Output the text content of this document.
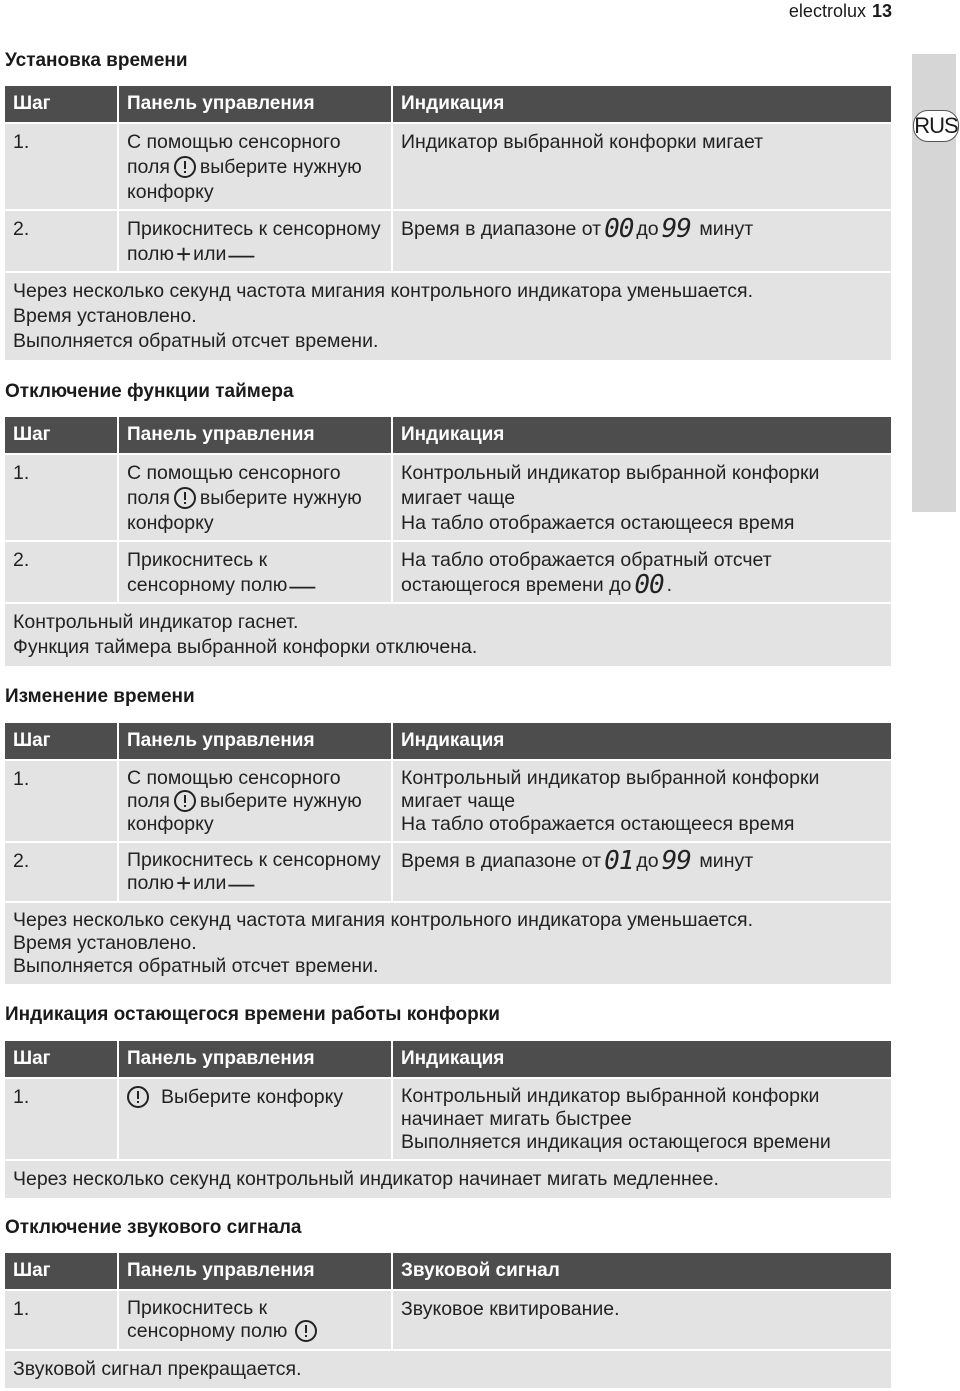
electrolux 13
RUS
Установка времени
Шаг	Панель управления	Индикация
1.	С помощью сенсорного
поля выберите нужную
конфорку	Индикатор выбранной конфорки мигает
2.	Прикоснитесь к сенсорному
полю+ или—	Время в диапазоне от 00 до 99 минут

Через несколько секунд частота мигания контрольного индикатора уменьшается.
Время установлено.
Выполняется обратный отсчет времени.		
Отключение функции таймера
Шаг	Панель управления	Индикация
1.	С помощью сенсорного
поля выберите нужную
конфорку	Контрольный индикатор выбранной конфорки
мигает чаще
На табло отображается остающееся время

2.	Прикоснитесь к
сенсорному полю—	На табло отображается обратный отсчет
остающегося времени до 00 .

Контрольный индикатор гаснет.
Функция таймера выбранной конфорки отключена.		
Изменение времени
Шаг	Панель управления	Индикация
1.	С помощью сенсорного
поля выберите нужную
конфорку	Контрольный индикатор выбранной конфорки
мигает чаще
На табло отображается остающееся время

2.	Прикоснитесь к сенсорному
полю+ или—	Время в диапазоне от 01 до 99 минут

Через несколько секунд частота мигания контрольного индикатора уменьшается.
Время установлено.
Выполняется обратный отсчет времени.		
Индикация остающегося времени работы конфорки
Шаг	Панель управления	Индикация
1.	Выберите конфорку	Контрольный индикатор выбранной конфорки
начинает мигать быстрее
Выполняется индикация остающегося времени

Через несколько секунд контрольный индикатор начинает мигать медленнее.		
Отключение звукового сигнала
Шаг	Панель управления	Звуковой сигнал
1.	Прикоснитесь к
сенсорному полю	Звуковое квитирование.

Звуковой сигнал прекращается.		
